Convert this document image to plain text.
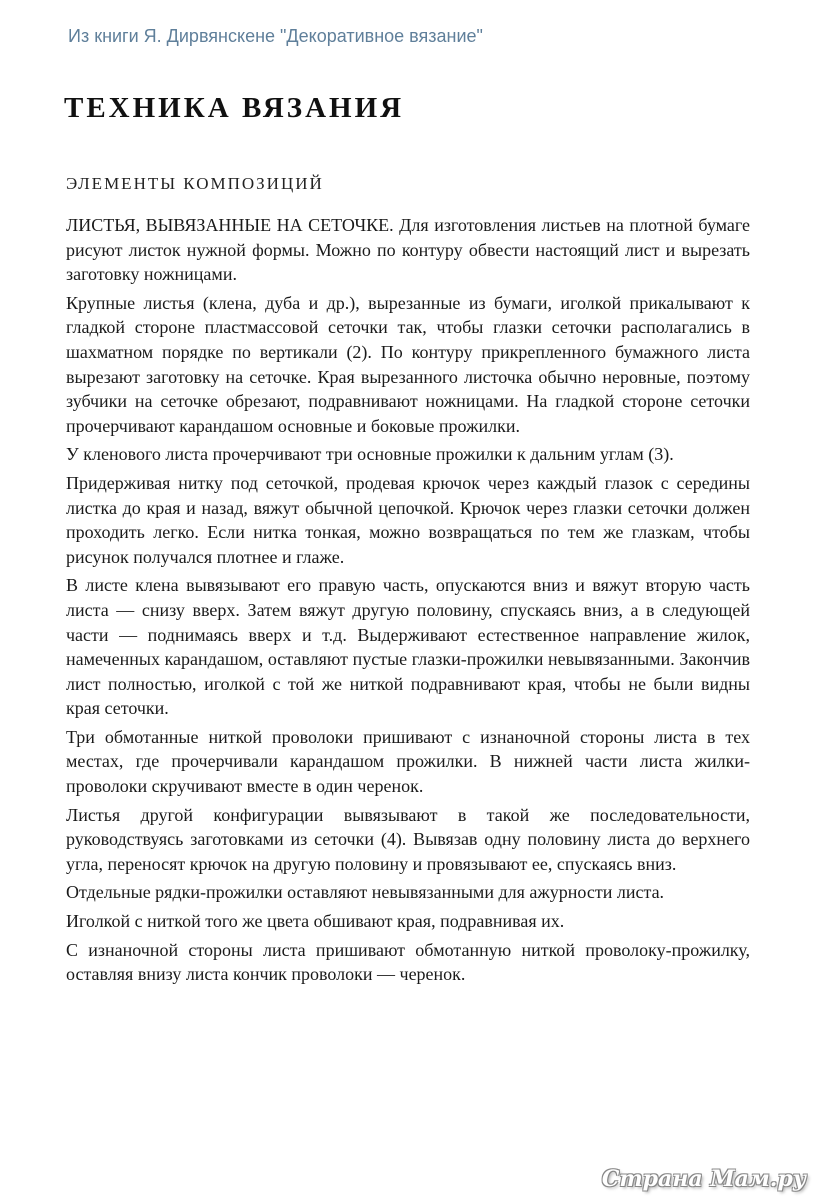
Из книги Я. Дирвянскене "Декоративное вязание"
ТЕХНИКА ВЯЗАНИЯ
ЭЛЕМЕНТЫ КОМПОЗИЦИЙ

ЛИСТЬЯ, ВЫВЯЗАННЫЕ НА СЕТОЧКЕ. Для изготовления листьев на плотной бумаге рисуют листок нужной формы. Можно по контуру обвести настоящий лист и вырезать заготовку ножницами.

Крупные листья (клена, дуба и др.), вырезанные из бумаги, иголкой прикалывают к гладкой стороне пластмассовой сеточки так, чтобы глазки сеточки располагались в шахматном порядке по вертикали (2). По контуру прикрепленного бумажного листа вырезают заготовку на сеточке. Края вырезанного листочка обычно неровные, поэтому зубчики на сеточке обрезают, подравнивают ножницами. На гладкой стороне сеточки прочерчивают карандашом основные и боковые прожилки.

У кленового листа прочерчивают три основные прожилки к дальним углам (3).

Придерживая нитку под сеточкой, продевая крючок через каждый глазок с середины листка до края и назад, вяжут обычной цепочкой. Крючок через глазки сеточки должен проходить легко. Если нитка тонкая, можно возвращаться по тем же глазкам, чтобы рисунок получался плотнее и глаже.

В листе клена вывязывают его правую часть, опускаются вниз и вяжут вторую часть листа — снизу вверх. Затем вяжут другую половину, спускаясь вниз, а в следующей части — поднимаясь вверх и т.д. Выдерживают естественное направление жилок, намеченных карандашом, оставляют пустые глазки-прожилки невывязанными. Закончив лист полностью, иголкой с той же ниткой подравнивают края, чтобы не были видны края сеточки.

Три обмотанные ниткой проволоки пришивают с изнаночной стороны листа в тех местах, где прочерчивали карандашом прожилки. В нижней части листа жилки-проволоки скручивают вместе в один черенок.

Листья другой конфигурации вывязывают в такой же последовательности, руководствуясь заготовками из сеточки (4). Вывязав одну половину листа до верхнего угла, переносят крючок на другую половину и провязывают ее, спускаясь вниз.

Отдельные рядки-прожилки оставляют невывязанными для ажурности листа.

Иголкой с ниткой того же цвета обшивают края, подравнивая их.

С изнаночной стороны листа пришивают обмотанную ниткой проволоку-прожилку, оставляя внизу листа кончик проволоки — черенок.

Страна Мам.ру
